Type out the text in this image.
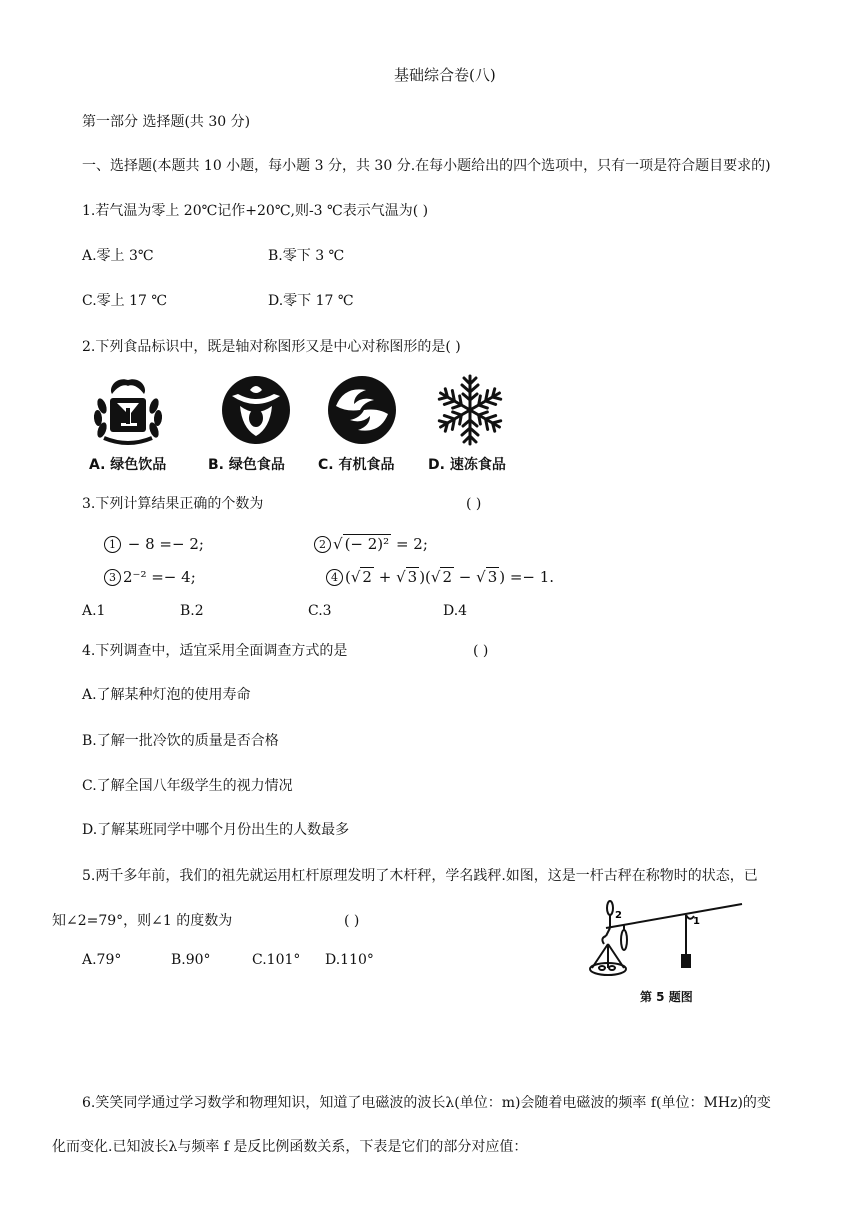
基础综合卷(八)
第一部分 选择题(共 30 分)
一、选择题(本题共 10 小题，每小题 3 分，共 30 分.在每小题给出的四个选项中，只有一项是符合题目要求的)
1.若气温为零上 20℃记作+20℃,则-3 ℃表示气温为( )
A.零上 3℃	B.零下 3 ℃
C.零上 17 ℃	D.零下 17 ℃
2.下列食品标识中，既是轴对称图形又是中心对称图形的是( )
A. 绿色饮品	B. 绿色食品 C. 有机食品 D. 速冻食品
3.下列计算结果正确的个数为	( )
1 − 8 =− 2;	2 √ (− 2)² = 2;
3 2⁻² =− 4;	4 (√ 2 + √ 3 )(√ 2 − √ 3 ) =− 1.
A.1	B.2	C.3	D.4
4.下列调查中，适宜采用全面调查方式的是	( )
A.了解某种灯泡的使用寿命
B.了解一批冷饮的质量是否合格
C.了解全国八年级学生的视力情况
D.了解某班同学中哪个月份出生的人数最多
5.两千多年前，我们的祖先就运用杠杆原理发明了木杆秤，学名践秤.如图，这是一杆古秤在称物时的状态，已
知∠2=79°，则∠1 的度数为	( )
A.79°	B.90°	C.101° D.110°
2
1
第 5 题图
6.笑笑同学通过学习数学和物理知识，知道了电磁波的波长λ(单位：m)会随着电磁波的频率 f(单位：MHz)的变
化而变化.已知波长λ与频率 f 是反比例函数关系，下表是它们的部分对应值：
